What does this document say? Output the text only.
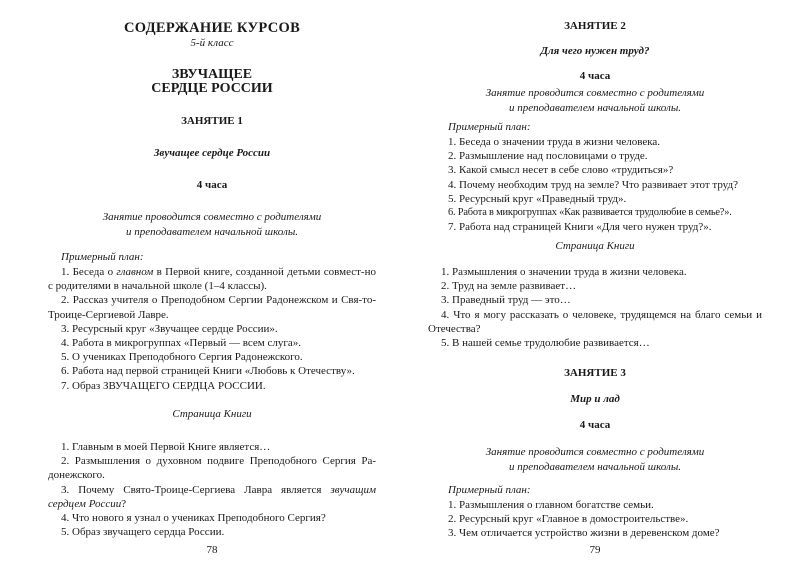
СОДЕРЖАНИЕ КУРСОВ
5-й класс
ЗВУЧАЩЕЕ
СЕРДЦЕ РОССИИ
ЗАНЯТИЕ 1
Звучащее сердце России
4 часа
Занятие проводится совместно с родителями
и преподавателем начальной школы.
Примерный план:
1. Беседа о главном в Первой книге, созданной детьми совмест-но с родителями в начальной школе (1–4 классы).
2. Рассказ учителя о Преподобном Сергии Радонежском и Свя-то-Троице-Сергиевой Лавре.
3. Ресурсный круг «Звучащее сердце России».
4. Работа в микрогруппах «Первый — всем слуга».
5. О учениках Преподобного Сергия Радонежского.
6. Работа над первой страницей Книги «Любовь к Отечеству».
7. Образ ЗВУЧАЩЕГО СЕРДЦА РОССИИ.
Страница Книги
1. Главным в моей Первой Книге является…
2. Размышления о духовном подвиге Преподобного Сергия Ра-донежского.
3. Почему Свято-Троице-Сергиева Лавра является звучащим сердцем России?
4. Что нового я узнал о учениках Преподобного Сергия?
5. Образ звучащего сердца России.
78
ЗАНЯТИЕ 2
Для чего нужен труд?
4 часа
Занятие проводится совместно с родителями
и преподавателем начальной школы.
Примерный план:
1. Беседа о значении труда в жизни человека.
2. Размышление над пословицами о труде.
3. Какой смысл несет в себе слово «трудиться»?
4. Почему необходим труд на земле? Что развивает этот труд?
5. Ресурсный круг «Праведный труд».
6. Работа в микрогруппах «Как развивается трудолюбие в семье?».
7. Работа над страницей Книги «Для чего нужен труд?».
Страница Книги
1. Размышления о значении труда в жизни человека.
2. Труд на земле развивает…
3. Праведный труд — это…
4. Что я могу рассказать о человеке, трудящемся на благо семьи и Отечества?
5. В нашей семье трудолюбие развивается…
ЗАНЯТИЕ 3
Мир и лад
4 часа
Занятие проводится совместно с родителями
и преподавателем начальной школы.
Примерный план:
1. Размышления о главном богатстве семьи.
2. Ресурсный круг «Главное в домостроительстве».
3. Чем отличается устройство жизни в деревенском доме?
79
